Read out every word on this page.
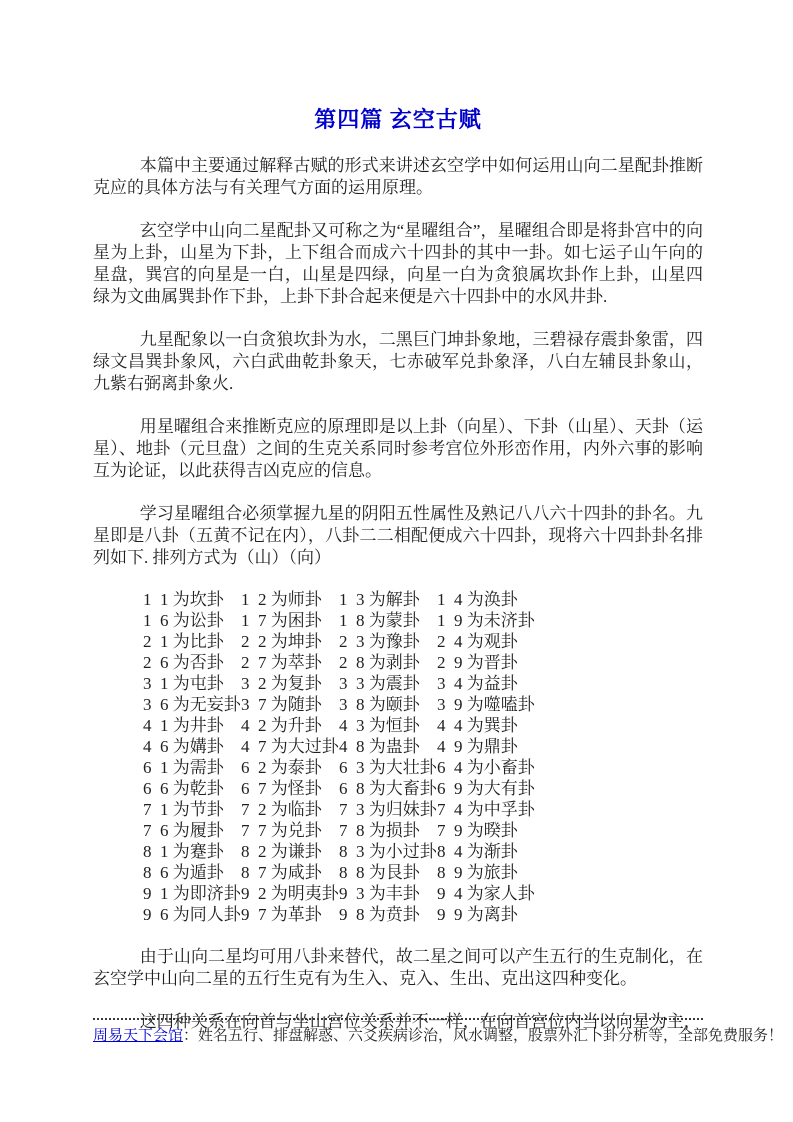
第四篇 玄空古赋

本篇中主要通过解释古赋的形式来讲述玄空学中如何运用山向二星配卦推断克应的具体方法与有关理气方面的运用原理。

玄空学中山向二星配卦又可称之为“星曜组合”，星曜组合即是将卦宫中的向星为上卦，山星为下卦，上下组合而成六十四卦的其中一卦。如七运子山午向的星盘，巽宫的向星是一白，山星是四绿，向星一白为贪狼属坎卦作上卦，山星四绿为文曲属巽卦作下卦，上卦下卦合起来便是六十四卦中的水风井卦.

九星配象以一白贪狼坎卦为水，二黑巨门坤卦象地，三碧禄存震卦象雷，四绿文昌巽卦象风，六白武曲乾卦象天，七赤破军兑卦象泽，八白左辅艮卦象山，九紫右弼离卦象火.

用星曜组合来推断克应的原理即是以上卦（向星）、下卦（山星）、天卦（运星）、地卦（元旦盘）之间的生克关系同时参考宫位外形峦作用，内外六事的影响互为论证，以此获得吉凶克应的信息。

学习星曜组合必须掌握九星的阴阳五性属性及熟记八八六十四卦的卦名。九星即是八卦（五黄不记在内），八卦二二相配便成六十四卦，现将六十四卦卦名排列如下. 排列方式为（山）（向）

1  1 为坎卦 1  2 为师卦 1  3 为解卦 1  4 为涣卦
1  6 为讼卦 1  7 为困卦 1  8 为蒙卦 1  9 为未济卦
2  1 为比卦 2  2 为坤卦 2  3 为豫卦 2  4 为观卦
2  6 为否卦 2  7 为萃卦 2  8 为剥卦 2  9 为晋卦
3  1 为屯卦 3  2 为复卦 3  3 为震卦 3  4 为益卦
3  6 为无妄卦3  7 为随卦 3  8 为颐卦 3  9 为噬嗑卦
4  1 为井卦 4  2 为升卦 4  3 为恒卦 4  4 为巽卦
4  6 为媾卦 4  7 为大过卦4  8 为蛊卦 4  9 为鼎卦
6  1 为需卦 6  2 为泰卦 6  3 为大壮卦6  4 为小畜卦
6  6 为乾卦 6  7 为怪卦 6  8 为大畜卦6  9 为大有卦
7  1 为节卦 7  2 为临卦 7  3 为归妹卦7  4 为中孚卦
7  6 为履卦 7  7 为兑卦 7  8 为损卦 7  9 为暌卦
8  1 为蹇卦 8  2 为谦卦 8  3 为小过卦8  4 为渐卦
8  6 为遁卦 8  7 为咸卦 8  8 为艮卦 8  9 为旅卦
9  1 为即济卦9  2 为明夷卦9  3 为丰卦 9  4 为家人卦
9  6 为同人卦9  7 为革卦 9  8 为贲卦 9  9 为离卦

由于山向二星均可用八卦来替代，故二星之间可以产生五行的生克制化，在玄空学中山向二星的五行生克有为生入、克入、生出、克出这四种变化。

这四种关系在向首与坐山宫位关系并不一样，在向首宫位内当以向星为主，

周易天下会馆：姓名五行、排盘解惑、六爻疾病诊治，风水调整，股票外汇卜卦分析等，全部免费服务！
